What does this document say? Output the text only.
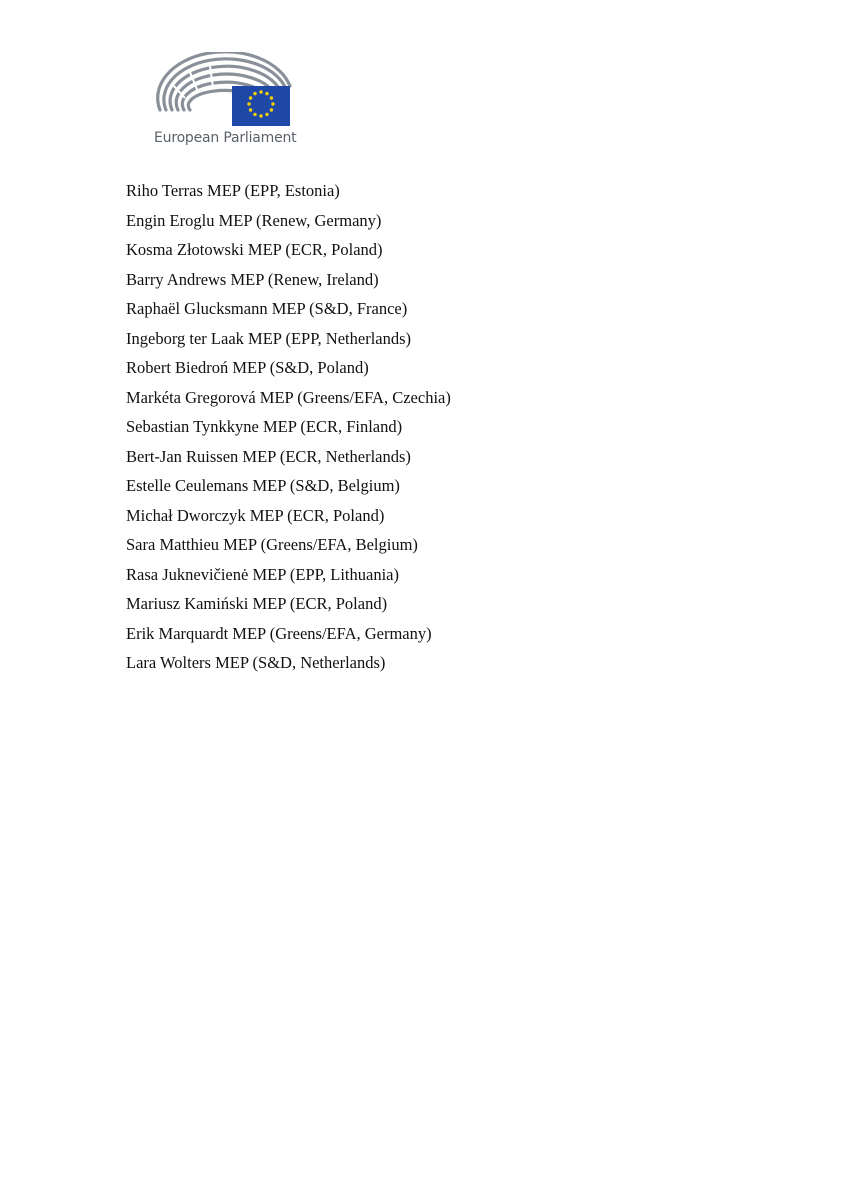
European Parliament
Riho Terras MEP (EPP, Estonia)
Engin Eroglu MEP (Renew, Germany)
Kosma Złotowski MEP (ECR, Poland)
Barry Andrews MEP (Renew, Ireland)
Raphaël Glucksmann MEP (S&D, France)
Ingeborg ter Laak MEP (EPP, Netherlands)
Robert Biedroń MEP (S&D, Poland)
Markéta Gregorová MEP (Greens/EFA, Czechia)
Sebastian Tynkkyne MEP (ECR, Finland)
Bert-Jan Ruissen MEP (ECR, Netherlands)
Estelle Ceulemans MEP (S&D, Belgium)
Michał Dworczyk MEP (ECR, Poland)
Sara Matthieu MEP (Greens/EFA, Belgium)
Rasa Juknevičienė MEP (EPP, Lithuania)
Mariusz Kamiński MEP (ECR, Poland)
Erik Marquardt MEP (Greens/EFA, Germany)
Lara Wolters MEP (S&D, Netherlands)
